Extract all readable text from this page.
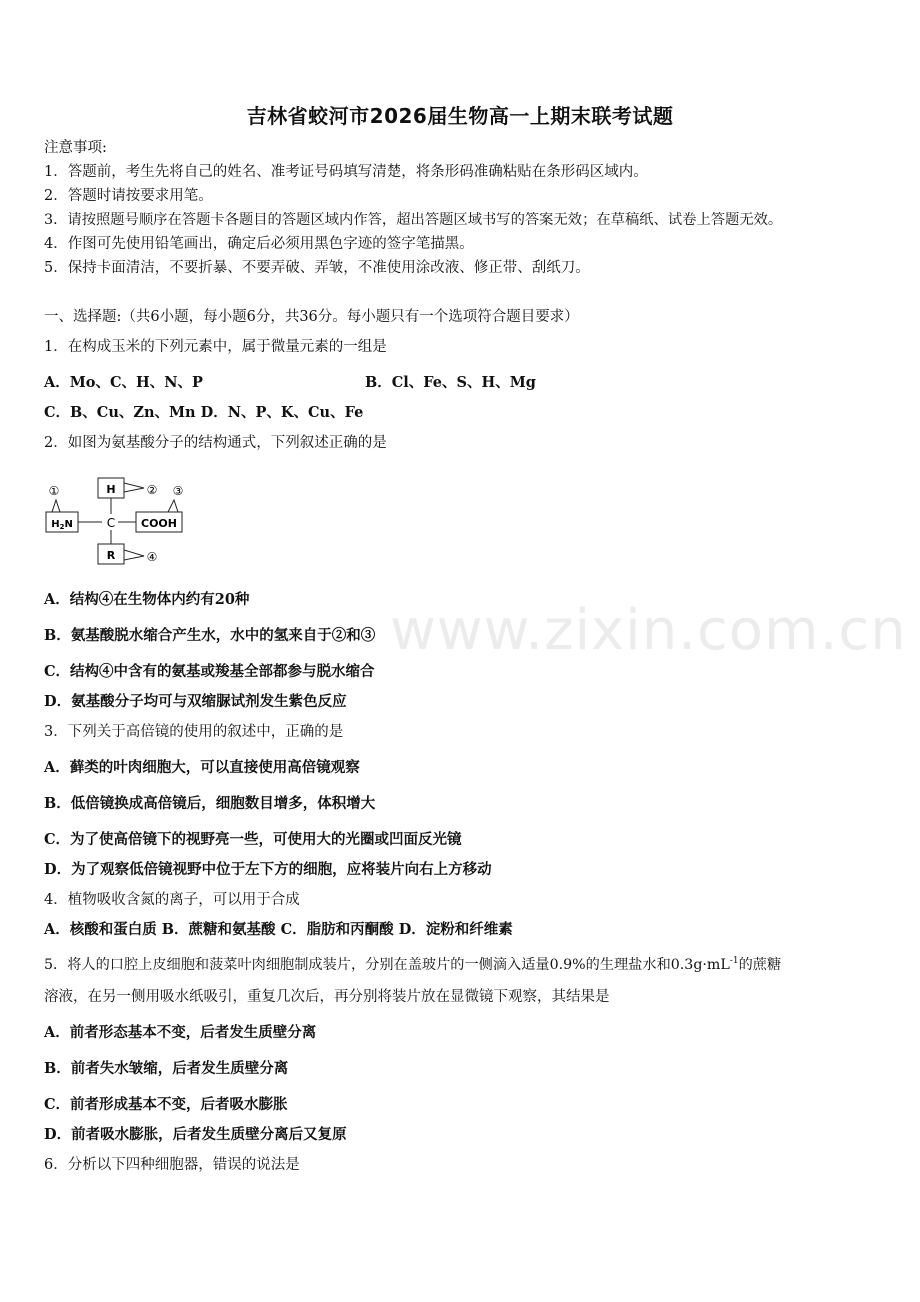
www.zixin.com.cn
吉林省蛟河市2026届生物高一上期末联考试题
注意事项:
1．答题前，考生先将自己的姓名、准考证号码填写清楚，将条形码准确粘贴在条形码区域内。
2．答题时请按要求用笔。
3．请按照题号顺序在答题卡各题目的答题区域内作答，超出答题区域书写的答案无效；在草稿纸、试卷上答题无效。
4．作图可先使用铅笔画出，确定后必须用黑色字迹的签字笔描黑。
5．保持卡面清洁，不要折暴、不要弄破、弄皱，不准使用涂改液、修正带、刮纸刀。
一、选择题:（共6小题，每小题6分，共36分。每小题只有一个选项符合题目要求）
1．在构成玉米的下列元素中，属于微量元素的一组是
A．Mo、C、H、N、P	B．Cl、Fe、S、H、Mg
C．B、Cu、Zn、Mn D．N、P、K、Cu、Fe
2．如图为氨基酸分子的结构通式，下列叙述正确的是
H	②
$H_2N$
①
C COOH
③
R	④
A．结构④在生物体内约有20种
B．氨基酸脱水缩合产生水，水中的氢来自于②和③
C．结构④中含有的氨基或羧基全部都参与脱水缩合
D．氨基酸分子均可与双缩脲试剂发生紫色反应
3．下列关于高倍镜的使用的叙述中，正确的是
A．藓类的叶肉细胞大，可以直接使用高倍镜观察
B．低倍镜换成高倍镜后，细胞数目增多，体积增大
C．为了使高倍镜下的视野亮一些，可使用大的光圈或凹面反光镜
D．为了观察低倍镜视野中位于左下方的细胞，应将装片向右上方移动
4．植物吸收含氮的离子，可以用于合成
A．核酸和蛋白质 B．蔗糖和氨基酸 C．脂肪和丙酮酸 D．淀粉和纤维素
5．将人的口腔上皮细胞和菠菜叶肉细胞制成装片，分别在盖玻片的一侧滴入适量0.9%的生理盐水和$0.3g\cdot mL^{-1}$的蔗糖
溶液，在另一侧用吸水纸吸引，重复几次后，再分别将装片放在显微镜下观察，其结果是
A．前者形态基本不变，后者发生质壁分离
B．前者失水皱缩，后者发生质壁分离
C．前者形成基本不变，后者吸水膨胀
D．前者吸水膨胀，后者发生质壁分离后又复原
6．分析以下四种细胞器，错误的说法是
